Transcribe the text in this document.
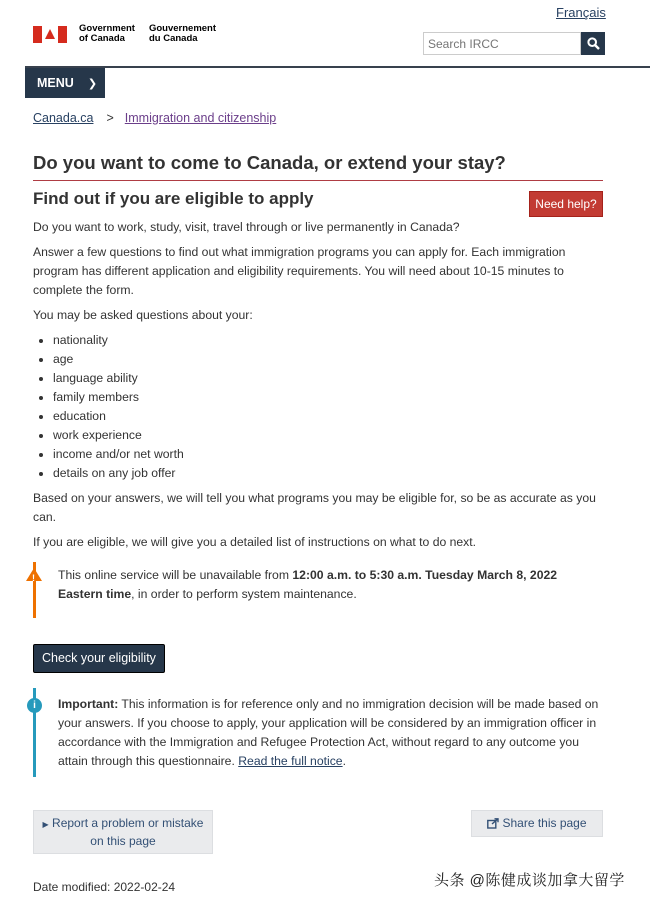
Français
Government
of Canada
Gouvernement
du Canada
Search IRCC
MENU ❯
Canada.ca > Immigration and citizenship
Do you want to come to Canada, or extend your stay?
Find out if you are eligible to apply	Need help?

Do you want to work, study, visit, travel through or live permanently in Canada?

Answer a few questions to find out what immigration programs you can apply for. Each immigration program has different application and eligibility requirements. You will need about 10-15 minutes to complete the form.

You may be asked questions about your:

• nationality
• age
• language ability
• family members
• education
• work experience
• income and/or net worth
• details on any job offer

Based on your answers, we will tell you what programs you may be eligible for, so be as accurate as you can.

If you are eligible, we will give you a detailed list of instructions on what to do next.

!
This online service will be unavailable from 12:00 a.m. to 5:30 a.m. Tuesday March 8, 2022 Eastern time, in order to perform system maintenance.
Check your eligibility
i	Important: This information is for reference only and no immigration decision will be made based on your answers. If you choose to apply, your application will be considered by an immigration officer in accordance with the Immigration and Refugee Protection Act, without regard to any outcome you attain through this questionnaire. Read the full notice.
▶ Report a problem or mistake
on this page
Share this page
Date modified: 2022-02-24	头条 @陈健成谈加拿大留学
